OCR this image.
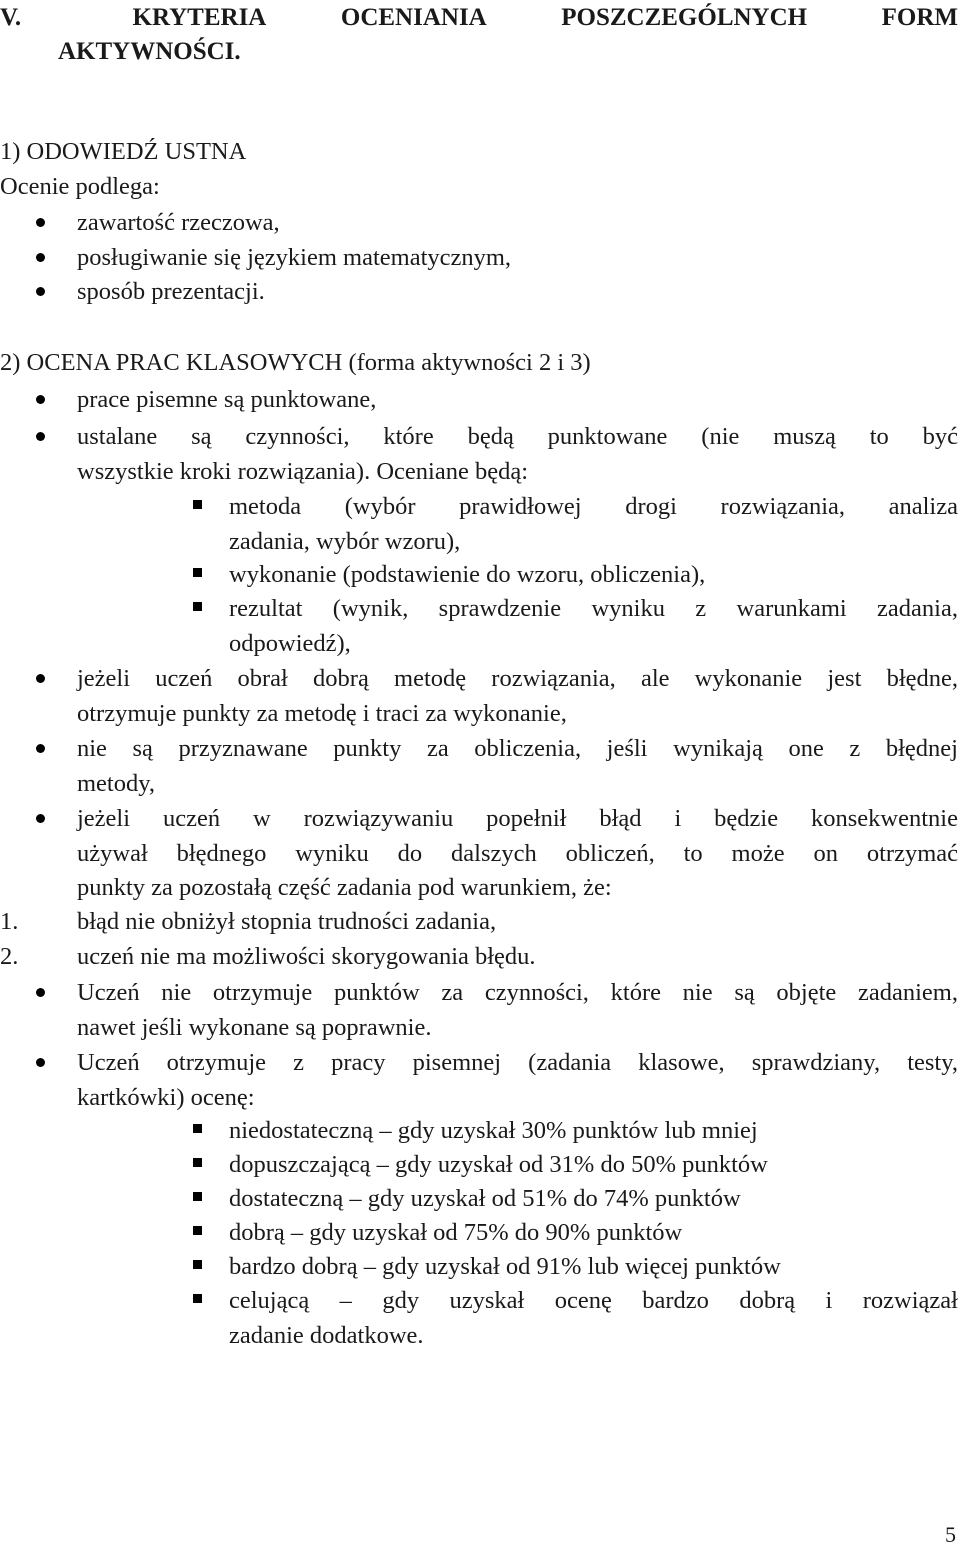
V.	KRYTERIA	OCENIANIA	POSZCZEGÓLNYCH	FORM
AKTYWNOŚCI.
1) ODOWIEDŹ USTNA
Ocenie podlega:
zawartość rzeczowa,
posługiwanie się językiem matematycznym,
sposób prezentacji.
2) OCENA PRAC KLASOWYCH (forma aktywności 2 i 3)
prace pisemne są punktowane,
ustalane są czynności, które będą punktowane (nie muszą to być
wszystkie kroki rozwiązania). Oceniane będą:
metoda (wybór prawidłowej drogi rozwiązania, analiza
zadania, wybór wzoru),
wykonanie (podstawienie do wzoru, obliczenia),
rezultat (wynik, sprawdzenie wyniku z warunkami zadania,
odpowiedź),
jeżeli uczeń obrał dobrą metodę rozwiązania, ale wykonanie jest błędne,
otrzymuje punkty za metodę i traci za wykonanie,
nie są przyznawane punkty za obliczenia, jeśli wynikają one z błędnej
metody,
jeżeli uczeń w rozwiązywaniu popełnił błąd i będzie konsekwentnie
używał błędnego wyniku do dalszych obliczeń, to może on otrzymać
punkty za pozostałą część zadania pod warunkiem, że:
1. błąd nie obniżył stopnia trudności zadania,
2. uczeń nie ma możliwości skorygowania błędu.
Uczeń nie otrzymuje punktów za czynności, które nie są objęte zadaniem,
nawet jeśli wykonane są poprawnie.
Uczeń otrzymuje z pracy pisemnej (zadania klasowe, sprawdziany, testy,
kartkówki) ocenę:
niedostateczną – gdy uzyskał 30% punktów lub mniej
dopuszczającą – gdy uzyskał od 31% do 50% punktów
dostateczną – gdy uzyskał od 51% do 74% punktów
dobrą – gdy uzyskał od 75% do 90% punktów
bardzo dobrą – gdy uzyskał od 91% lub więcej punktów
celującą – gdy uzyskał ocenę bardzo dobrą i rozwiązał
zadanie dodatkowe.
5
